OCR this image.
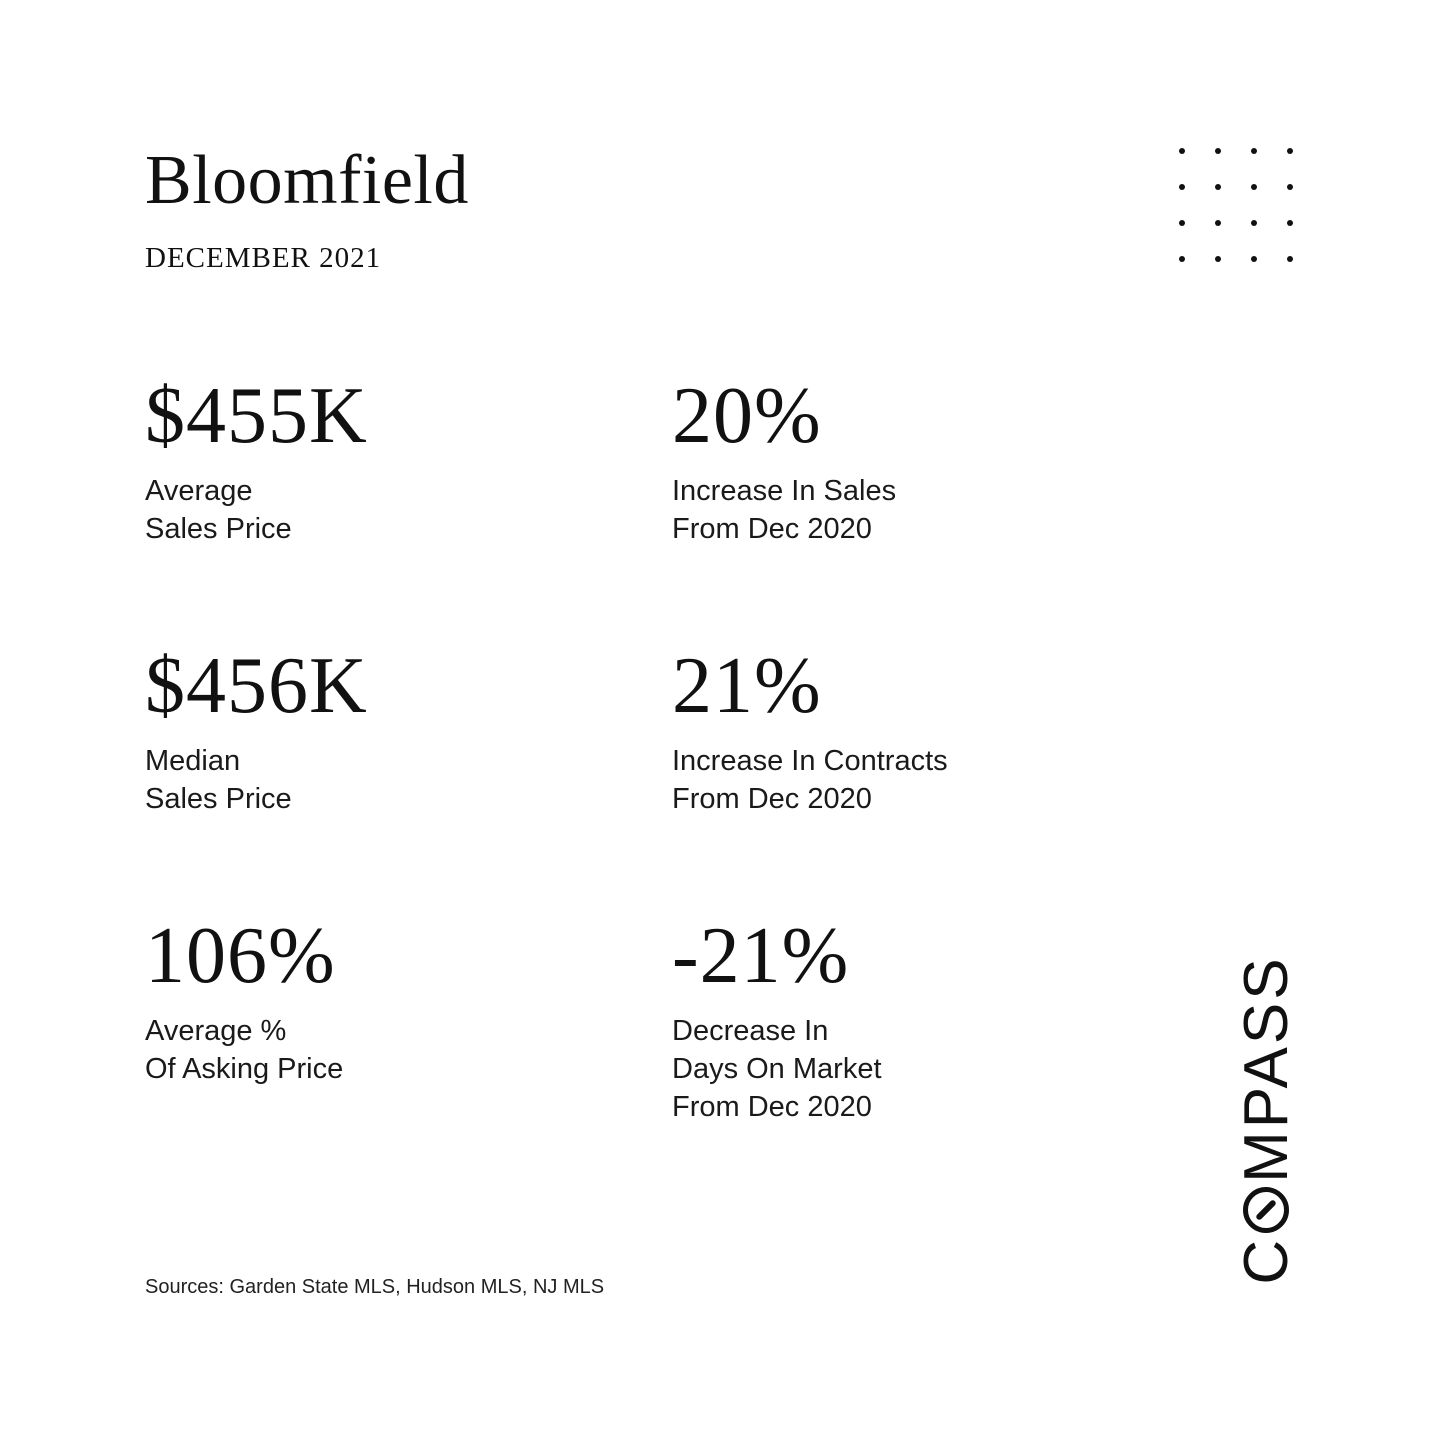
Bloomfield
DECEMBER 2021
$455K
Average
Sales Price
20%
Increase In Sales
From Dec 2020
$456K
Median
Sales Price
21%
Increase In Contracts
From Dec 2020
106%
Average %
Of Asking Price
-21%
Decrease In
Days On Market
From Dec 2020
Sources: Garden State MLS, Hudson MLS, NJ MLS
C
MPASS
